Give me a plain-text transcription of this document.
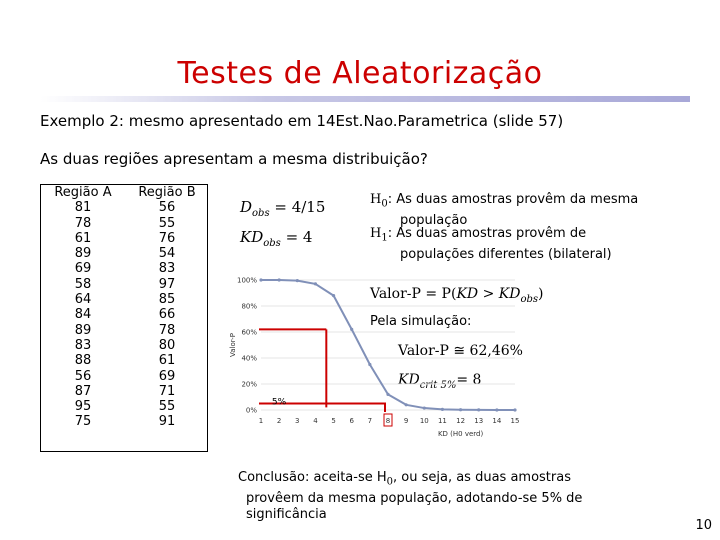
Testes de Aleatorização
Exemplo 2: mesmo apresentado em 14Est.Nao.Parametrica (slide 57)
As duas regiões apresentam a mesma distribuição?
Região A
81
78
61
89
69
58
64
84
89
83
88
56
87
95
75
Região B
56
55
76
54
83
97
85
66
78
80
61
69
71
55
91
$D_{obs} = 4/15$
$KD_{obs} = 4$
$H_0$: As duas amostras provêm da mesma
população
$H_1$: As duas amostras provêm de
populações diferentes (bilateral)
Valor-P = $P(KD > KD_{obs})$
Pela simulação:
Valor-P ≅ 62,46%
$KD_{crit 5\%}= 8$
100%
80%
60%
40%
20%
0%
1 2 3 4 5 6 7 8 9 10 11 12 13 14 15
Valor-P
KD (H0 verd)
5%
Conclusão: aceita-se $H_0$, ou seja, as duas amostras
provêem da mesma população, adotando-se 5% de
significância
10
